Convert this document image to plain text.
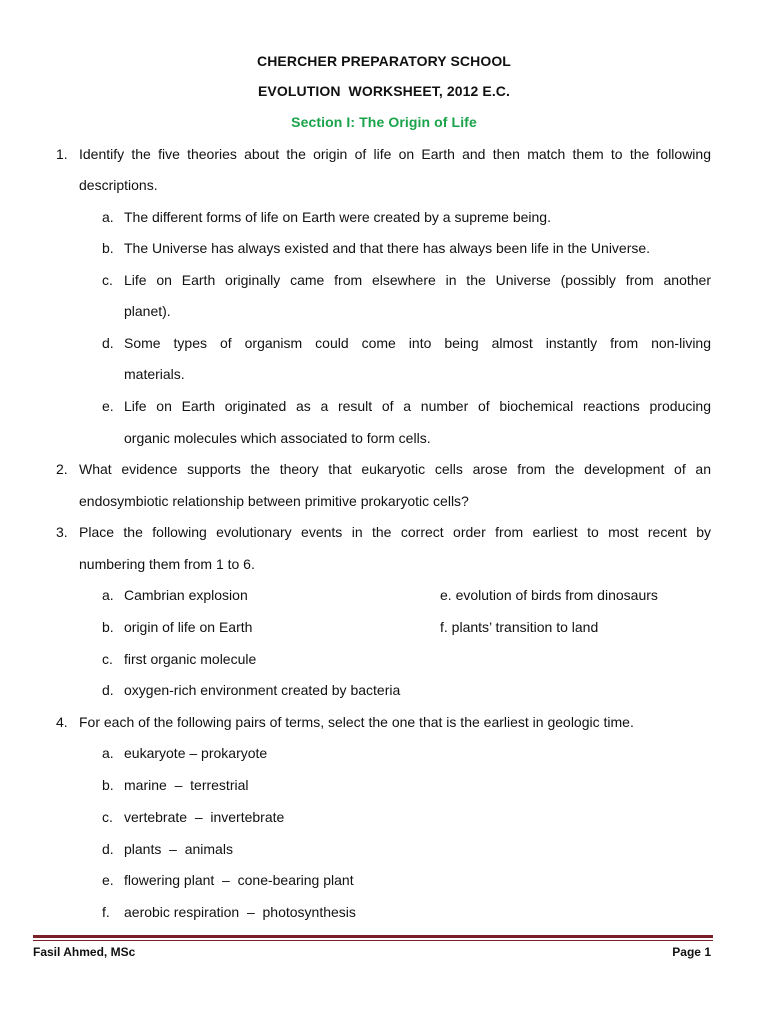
CHERCHER PREPARATORY SCHOOL
EVOLUTION  WORKSHEET, 2012 E.C.
Section I: The Origin of Life
1. Identify the five theories about the origin of life on Earth and then match them to the following
descriptions.
a. The different forms of life on Earth were created by a supreme being.
b. The Universe has always existed and that there has always been life in the Universe.
c. Life on Earth originally came from elsewhere in the Universe (possibly from another
planet).
d. Some types of organism could come into being almost instantly from non-living
materials.
e. Life on Earth originated as a result of a number of biochemical reactions producing
organic molecules which associated to form cells.
2. What evidence supports the theory that eukaryotic cells arose from the development of an
endosymbiotic relationship between primitive prokaryotic cells?
3. Place the following evolutionary events in the correct order from earliest to most recent by
numbering them from 1 to 6.
a. Cambrian explosion	e. evolution of birds from dinosaurs
b. origin of life on Earth	f. plants’ transition to land
c. first organic molecule
d. oxygen-rich environment created by bacteria
4. For each of the following pairs of terms, select the one that is the earliest in geologic time.
a. eukaryote – prokaryote
b. marine  –  terrestrial
c. vertebrate  –  invertebrate
d. plants  –  animals
e. flowering plant  –  cone-bearing plant
f.	aerobic respiration  –  photosynthesis
Fasil Ahmed, MSc	Page 1
